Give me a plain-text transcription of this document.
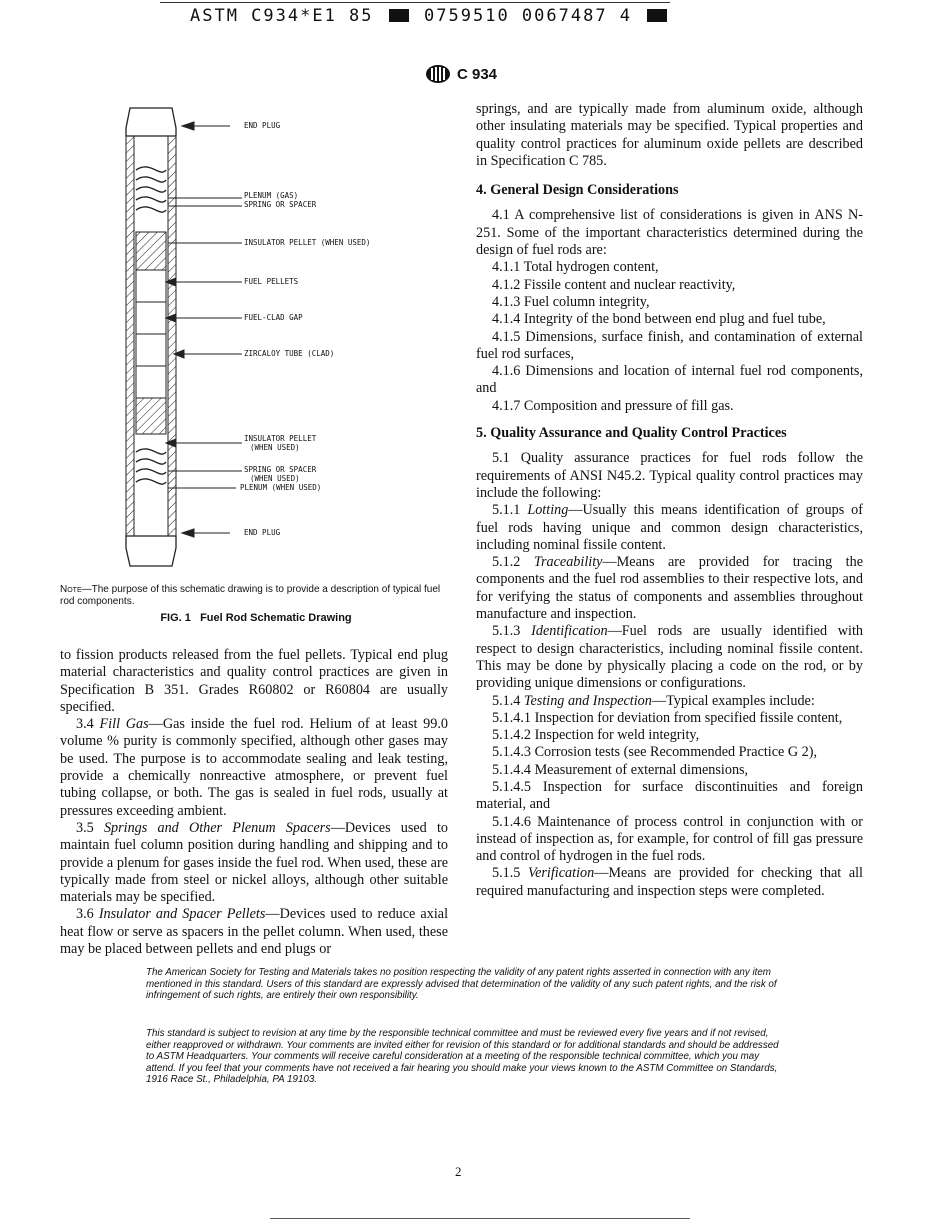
ASTM C934*E1 85	0759510 0067487 4
C 934
END PLUG
PLENUM (GAS)
SPRING OR SPACER
INSULATOR PELLET (WHEN USED)
FUEL PELLETS
FUEL-CLAD GAP
ZIRCALOY TUBE (CLAD)
INSULATOR PELLET
(WHEN USED)
SPRING OR SPACER
(WHEN USED)
PLENUM (WHEN USED)
END PLUG
Note—The purpose of this schematic drawing is to provide a description of typical fuel rod components.
FIG. 1 Fuel Rod Schematic Drawing

to fission products released from the fuel pellets. Typical end plug material characteristics and quality control practices are given in Specification B 351. Grades R60802 or R60804 are usually specified.

3.4 Fill Gas—Gas inside the fuel rod. Helium of at least 99.0 volume % purity is commonly specified, although other gases may be used. The purpose is to accommodate sealing and leak testing, provide a chemically nonreactive atmosphere, or prevent fuel tubing collapse, or both. The gas is sealed in fuel rods, usually at pressures exceeding ambient.

3.5 Springs and Other Plenum Spacers—Devices used to maintain fuel column position during handling and shipping and to provide a plenum for gases inside the fuel rod. When used, these are typically made from steel or nickel alloys, although other suitable materials may be specified.

3.6 Insulator and Spacer Pellets—Devices used to reduce axial heat flow or serve as spacers in the pellet column. When used, these may be placed between pellets and end plugs or

springs, and are typically made from aluminum oxide, although other insulating materials may be specified. Typical properties and quality control practices for aluminum oxide pellets are described in Specification C 785.

4. General Design Considerations

4.1 A comprehensive list of considerations is given in ANS N-251. Some of the important characteristics determined during the design of fuel rods are:

4.1.1 Total hydrogen content,

4.1.2 Fissile content and nuclear reactivity,

4.1.3 Fuel column integrity,

4.1.4 Integrity of the bond between end plug and fuel tube,

4.1.5 Dimensions, surface finish, and contamination of external fuel rod surfaces,

4.1.6 Dimensions and location of internal fuel rod components, and

4.1.7 Composition and pressure of fill gas.

5. Quality Assurance and Quality Control Practices

5.1 Quality assurance practices for fuel rods follow the requirements of ANSI N45.2. Typical quality control practices may include the following:

5.1.1 Lotting—Usually this means identification of groups of fuel rods having unique and common design characteristics, including nominal fissile content.

5.1.2 Traceability—Means are provided for tracing the components and the fuel rod assemblies to their respective lots, and for verifying the status of components and assemblies throughout manufacture and inspection.

5.1.3 Identification—Fuel rods are usually identified with respect to design characteristics, including nominal fissile content. This may be done by physically placing a code on the rod, or by providing unique dimensions or configurations.

5.1.4 Testing and Inspection—Typical examples include:

5.1.4.1 Inspection for deviation from specified fissile content,

5.1.4.2 Inspection for weld integrity,

5.1.4.3 Corrosion tests (see Recommended Practice G 2),

5.1.4.4 Measurement of external dimensions,

5.1.4.5 Inspection for surface discontinuities and foreign material, and

5.1.4.6 Maintenance of process control in conjunction with or instead of inspection as, for example, for control of fill gas pressure and control of hydrogen in the fuel rods.

5.1.5 Verification—Means are provided for checking that all required manufacturing and inspection steps were completed.

The American Society for Testing and Materials takes no position respecting the validity of any patent rights asserted in connection with any item mentioned in this standard. Users of this standard are expressly advised that determination of the validity of any such patent rights, and the risk of infringement of such rights, are entirely their own responsibility.
This standard is subject to revision at any time by the responsible technical committee and must be reviewed every five years and if not revised, either reapproved or withdrawn. Your comments are invited either for revision of this standard or for additional standards and should be addressed to ASTM Headquarters. Your comments will receive careful consideration at a meeting of the responsible technical committee, which you may attend. If you feel that your comments have not received a fair hearing you should make your views known to the ASTM Committee on Standards, 1916 Race St., Philadelphia, PA 19103.
2
